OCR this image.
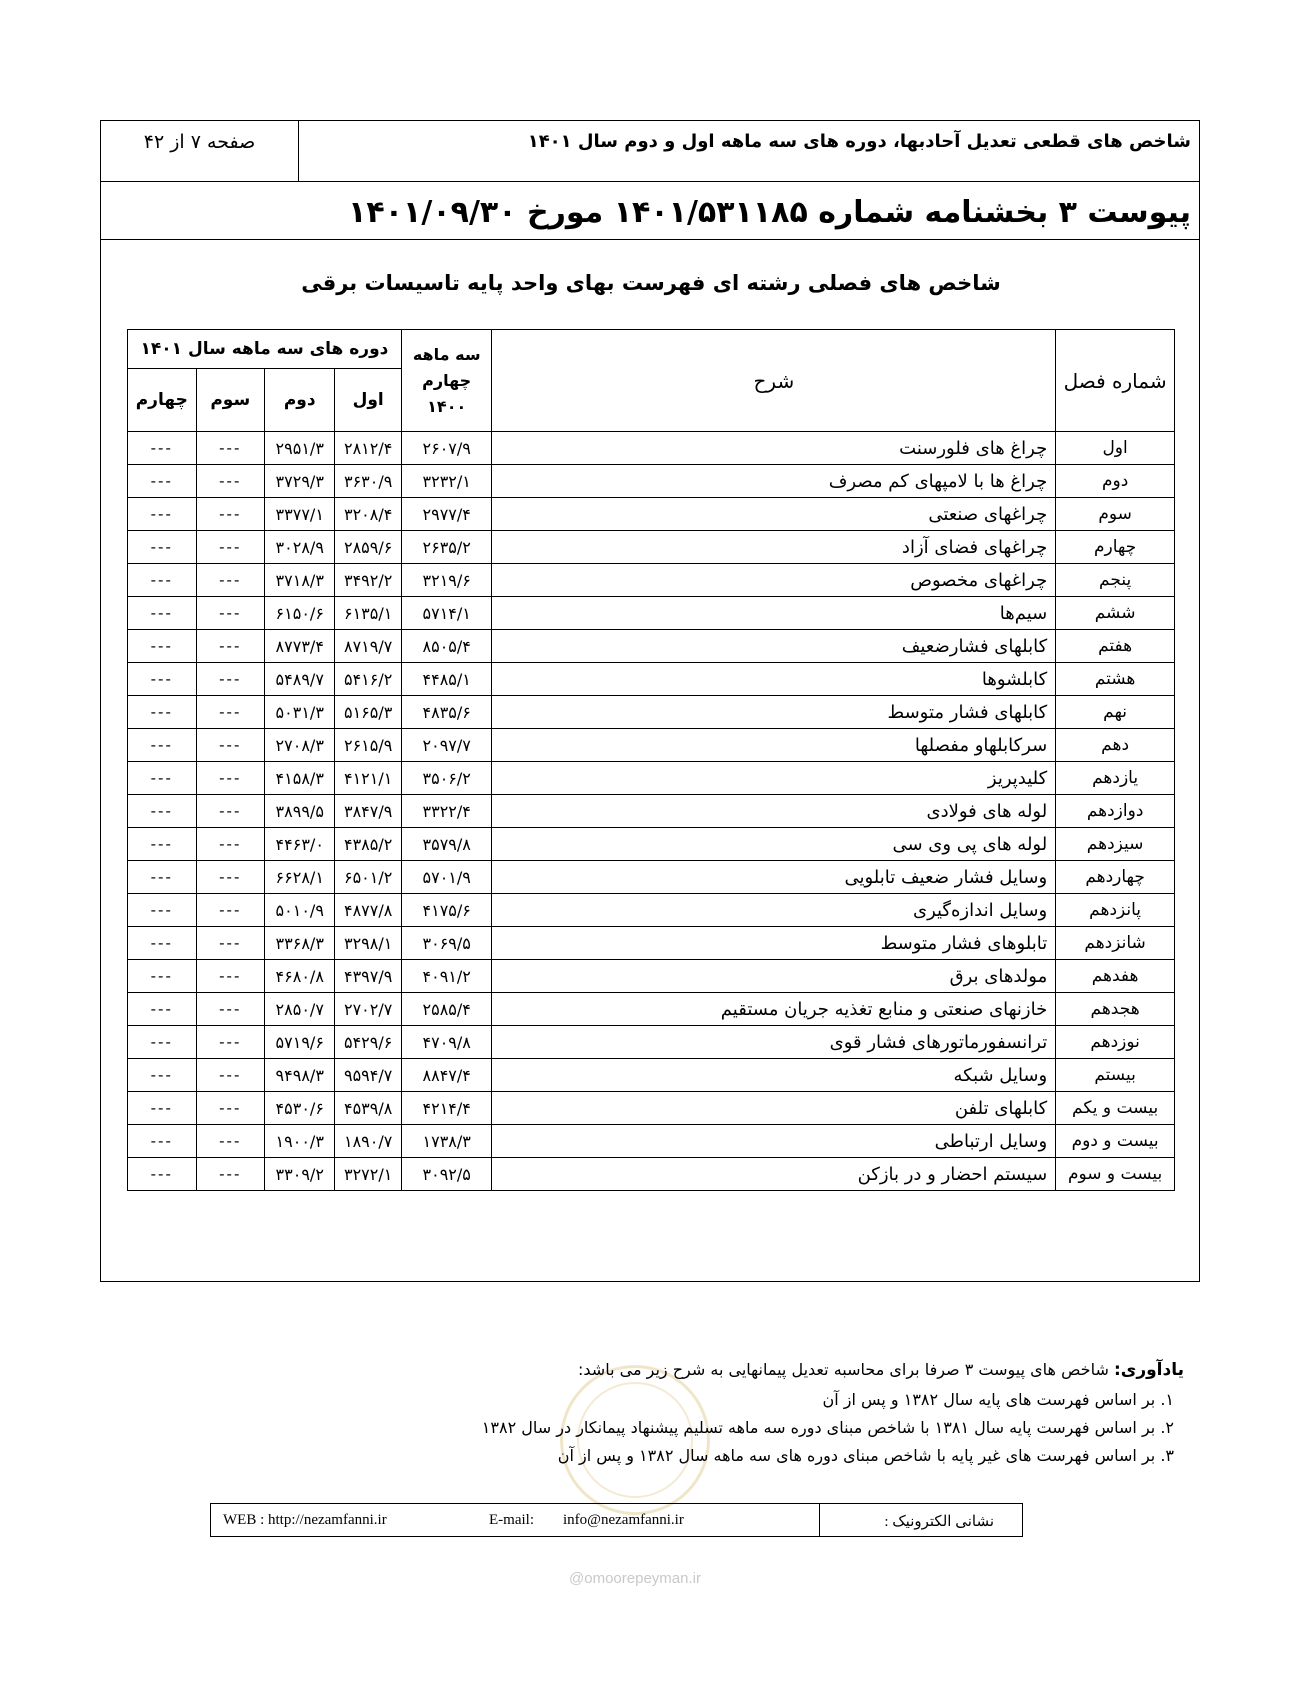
شاخص های قطعی تعدیل آحادبها، دوره های سه ماهه اول و دوم سال ۱۴۰۱
صفحه ۷ از ۴۲
پیوست ۳ بخشنامه شماره ۱۴۰۱/۵۳۱۱۸۵ مورخ ۱۴۰۱/۰۹/۳۰
شاخص های فصلی رشته ای فهرست بهای واحد پایه تاسیسات برقی
شماره فصل	شرح	سه ماهه
چهارم ۱۴۰۰	دوره های سه ماهه سال ۱۴۰۱			
			اول	دوم	سوم	چهارم
اول	چراغ های فلورسنت	۲۶۰۷/۹	۲۸۱۲/۴	۲۹۵۱/۳	---	---
دوم	چراغ ها با لامپهای کم مصرف	۳۲۳۲/۱	۳۶۳۰/۹	۳۷۲۹/۳	---	---
سوم	چراغهای صنعتی	۲۹۷۷/۴	۳۲۰۸/۴	۳۳۷۷/۱	---	---
چهارم	چراغهای فضای آزاد	۲۶۳۵/۲	۲۸۵۹/۶	۳۰۲۸/۹	---	---
پنجم	چراغهای مخصوص	۳۲۱۹/۶	۳۴۹۲/۲	۳۷۱۸/۳	---	---
ششم	سیم‌ها	۵۷۱۴/۱	۶۱۳۵/۱	۶۱۵۰/۶	---	---
هفتم	کابلهای فشارضعیف	۸۵۰۵/۴	۸۷۱۹/۷	۸۷۷۳/۴	---	---
هشتم	کابلشوها	۴۴۸۵/۱	۵۴۱۶/۲	۵۴۸۹/۷	---	---
نهم	کابلهای فشار متوسط	۴۸۳۵/۶	۵۱۶۵/۳	۵۰۳۱/۳	---	---
دهم	سرکابلهاو مفصلها	۲۰۹۷/۷	۲۶۱۵/۹	۲۷۰۸/۳	---	---
یازدهم	کلیدپریز	۳۵۰۶/۲	۴۱۲۱/۱	۴۱۵۸/۳	---	---
دوازدهم	لوله های فولادی	۳۳۲۲/۴	۳۸۴۷/۹	۳۸۹۹/۵	---	---
سیزدهم	لوله های پی‌ وی‌ سی	۳۵۷۹/۸	۴۳۸۵/۲	۴۴۶۳/۰	---	---
چهاردهم	وسایل فشار ضعیف تابلویی	۵۷۰۱/۹	۶۵۰۱/۲	۶۶۲۸/۱	---	---
پانزدهم	وسایل اندازه‌گیری	۴۱۷۵/۶	۴۸۷۷/۸	۵۰۱۰/۹	---	---
شانزدهم	تابلوهای فشار متوسط	۳۰۶۹/۵	۳۲۹۸/۱	۳۳۶۸/۳	---	---
هفدهم	مولدهای برق	۴۰۹۱/۲	۴۳۹۷/۹	۴۶۸۰/۸	---	---
هجدهم	خازنهای صنعتی و منابع تغذیه جریان مستقیم	۲۵۸۵/۴	۲۷۰۲/۷	۲۸۵۰/۷	---	---
نوزدهم	ترانسفورماتورهای فشار قوی	۴۷۰۹/۸	۵۴۲۹/۶	۵۷۱۹/۶	---	---
بیستم	وسایل شبکه	۸۸۴۷/۴	۹۵۹۴/۷	۹۴۹۸/۳	---	---
بیست و یکم	کابلهای تلفن	۴۲۱۴/۴	۴۵۳۹/۸	۴۵۳۰/۶	---	---
بیست و دوم	وسایل ارتباطی	۱۷۳۸/۳	۱۸۹۰/۷	۱۹۰۰/۳	---	---
بیست و سوم	سیستم احضار و در بازکن	۳۰۹۲/۵	۳۲۷۲/۱	۳۳۰۹/۲	---	---
یادآوری: شاخص های پیوست ۳ صرفا برای محاسبه تعدیل پیمانهایی به شرح زیر می باشد:
۱. بر اساس فهرست های پایه سال ۱۳۸۲ و پس از آن
۲. بر اساس فهرست پایه سال ۱۳۸۱ با شاخص مبنای دوره سه ماهه تسلیم پیشنهاد پیمانکار در سال ۱۳۸۲
۳. بر اساس فهرست های غیر پایه با شاخص مبنای دوره های سه ماهه سال ۱۳۸۲ و پس از آن
WEB : http://nezamfanni.ir	E-mail: info@nezamfanni.ir	نشانی الکترونیک :
@omoorepeyman.ir
